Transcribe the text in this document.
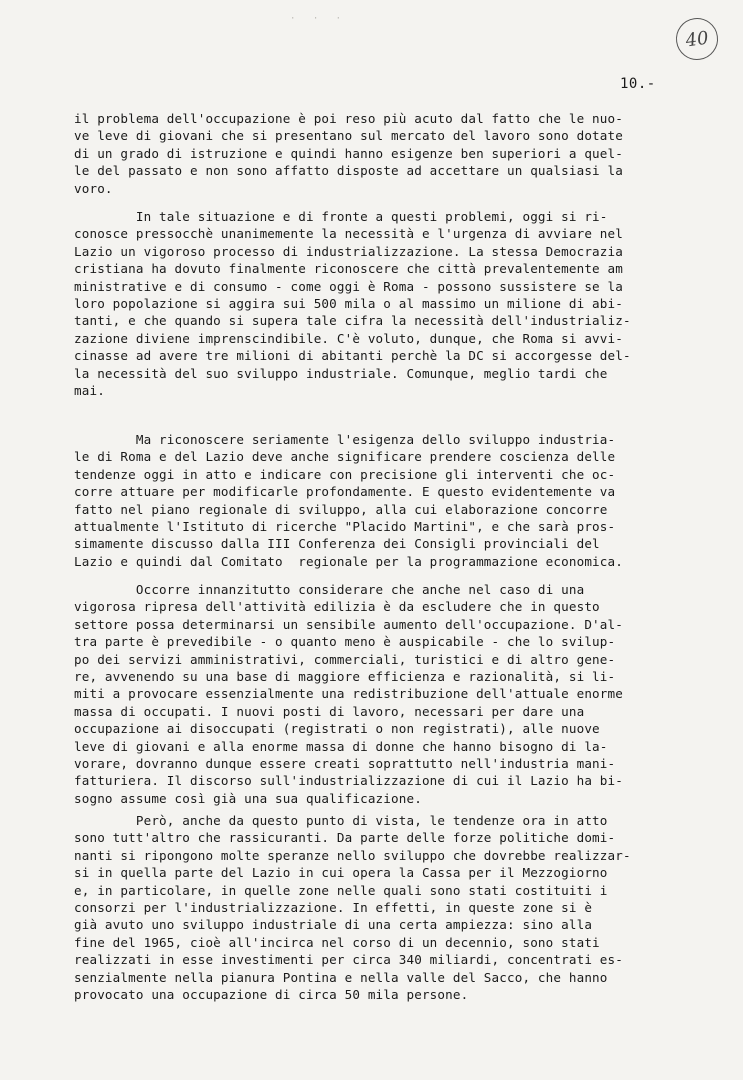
· · ·
40
10.-
il problema dell'occupazione è poi reso più acuto dal fatto che le nuo-
ve leve di giovani che si presentano sul mercato del lavoro sono dotate
di un grado di istruzione e quindi hanno esigenze ben superiori a quel-
le del passato e non sono affatto disposte ad accettare un qualsiasi la
voro.
In tale situazione e di fronte a questi problemi, oggi si ri-
conosce pressocchè unanimemente la necessità e l'urgenza di avviare nel
Lazio un vigoroso processo di industrializzazione. La stessa Democrazia
cristiana ha dovuto finalmente riconoscere che città prevalentemente am
ministrative e di consumo - come oggi è Roma - possono sussistere se la
loro popolazione si aggira sui 500 mila o al massimo un milione di abi-
tanti, e che quando si supera tale cifra la necessità dell'industrializ-
zazione diviene imprenscindibile. C'è voluto, dunque, che Roma si avvi-
cinasse ad avere tre milioni di abitanti perchè la DC si accorgesse del-
la necessità del suo sviluppo industriale. Comunque, meglio tardi che
mai.
Ma riconoscere seriamente l'esigenza dello sviluppo industria-
le di Roma e del Lazio deve anche significare prendere coscienza delle
tendenze oggi in atto e indicare con precisione gli interventi che oc-
corre attuare per modificarle profondamente. E questo evidentemente va
fatto nel piano regionale di sviluppo, alla cui elaborazione concorre
attualmente l'Istituto di ricerche "Placido Martini", e che sarà pros-
simamente discusso dalla III Conferenza dei Consigli provinciali del
Lazio e quindi dal Comitato  regionale per la programmazione economica.
Occorre innanzitutto considerare che anche nel caso di una
vigorosa ripresa dell'attività edilizia è da escludere che in questo
settore possa determinarsi un sensibile aumento dell'occupazione. D'al-
tra parte è prevedibile - o quanto meno è auspicabile - che lo svilup-
po dei servizi amministrativi, commerciali, turistici e di altro gene-
re, avvenendo su una base di maggiore efficienza e razionalità, si li-
miti a provocare essenzialmente una redistribuzione dell'attuale enorme
massa di occupati. I nuovi posti di lavoro, necessari per dare una
occupazione ai disoccupati (registrati o non registrati), alle nuove
leve di giovani e alla enorme massa di donne che hanno bisogno di la-
vorare, dovranno dunque essere creati soprattutto nell'industria mani-
fatturiera. Il discorso sull'industrializzazione di cui il Lazio ha bi-
sogno assume così già una sua qualificazione.
Però, anche da questo punto di vista, le tendenze ora in atto
sono tutt'altro che rassicuranti. Da parte delle forze politiche domi-
nanti si ripongono molte speranze nello sviluppo che dovrebbe realizzar-
si in quella parte del Lazio in cui opera la Cassa per il Mezzogiorno
e, in particolare, in quelle zone nelle quali sono stati costituiti i
consorzi per l'industrializzazione. In effetti, in queste zone si è
già avuto uno sviluppo industriale di una certa ampiezza: sino alla
fine del 1965, cioè all'incirca nel corso di un decennio, sono stati
realizzati in esse investimenti per circa 340 miliardi, concentrati es-
senzialmente nella pianura Pontina e nella valle del Sacco, che hanno
provocato una occupazione di circa 50 mila persone.
